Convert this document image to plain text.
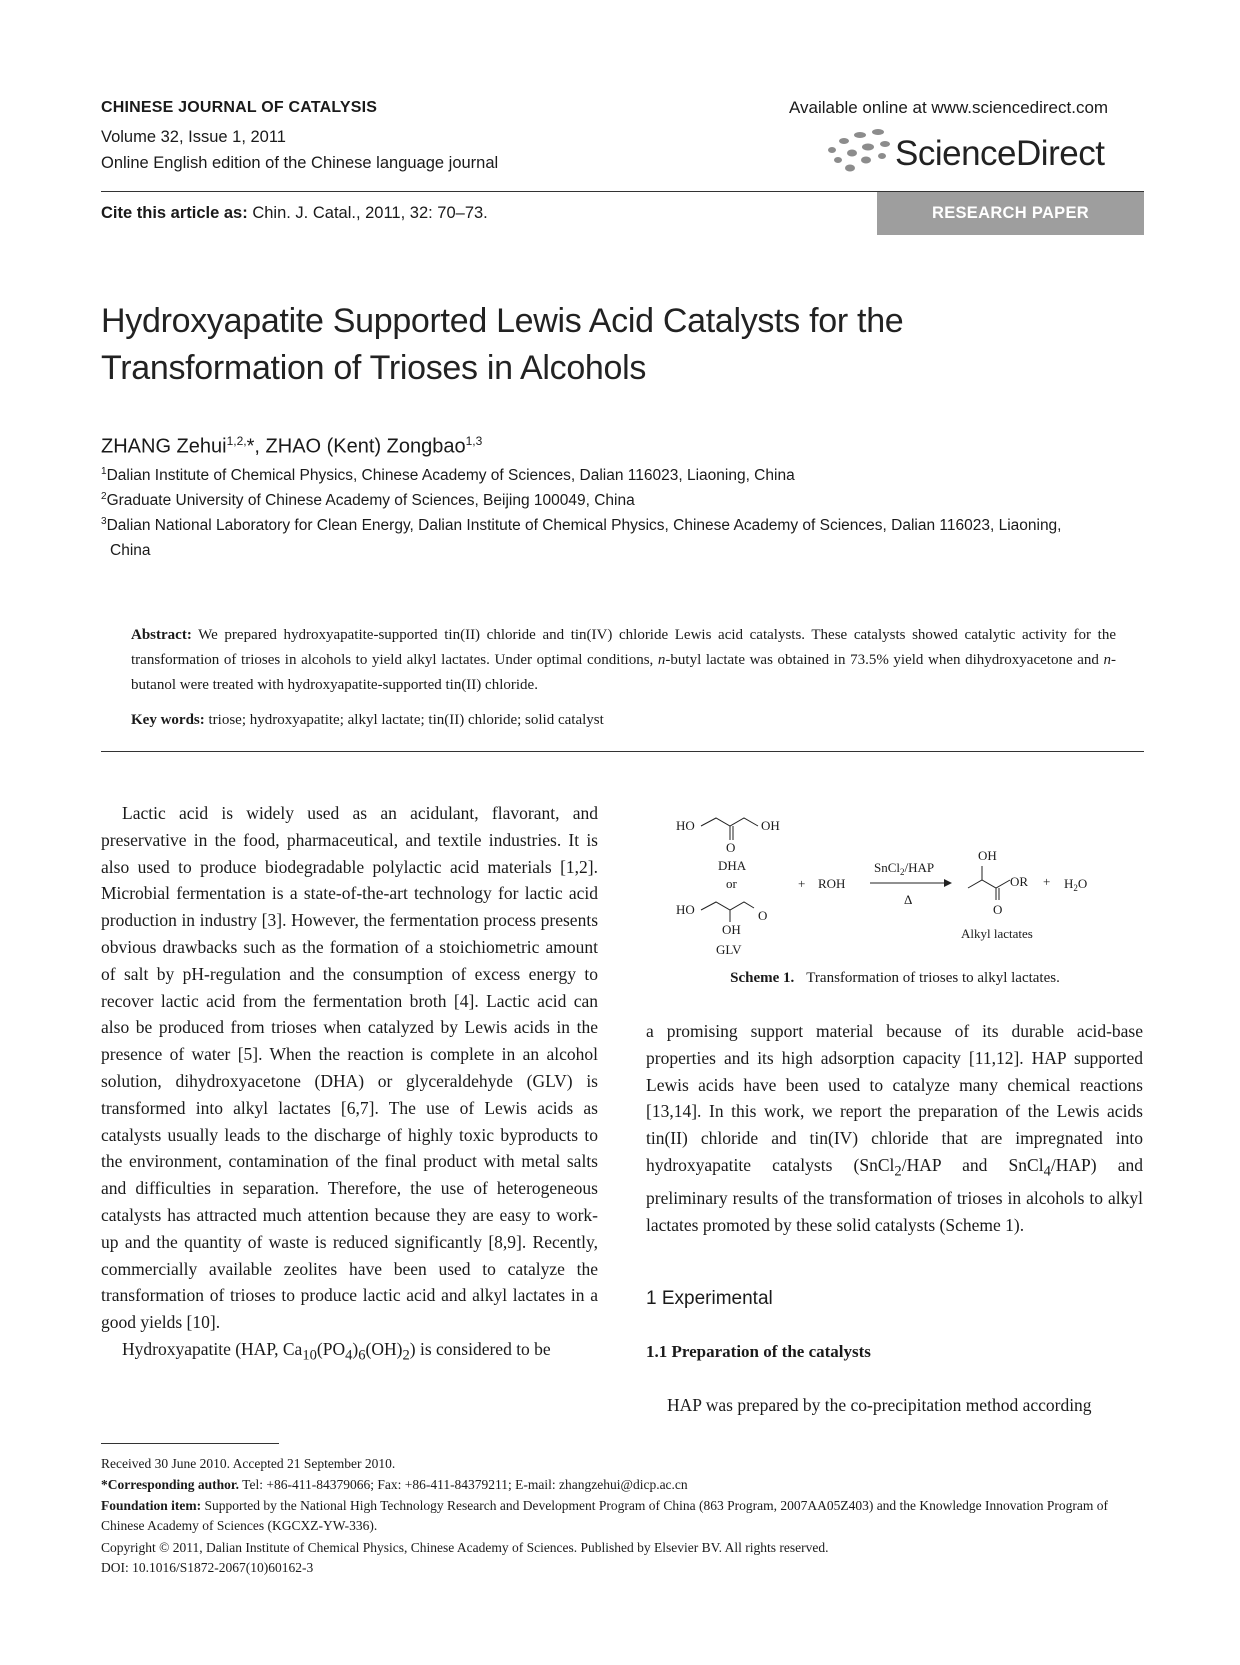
CHINESE JOURNAL OF CATALYSIS
Volume 32, Issue 1, 2011
Online English edition of the Chinese language journal
Available online at www.sciencedirect.com
ScienceDirect
Cite this article as: Chin. J. Catal., 2011, 32: 70–73.	RESEARCH PAPER
Hydroxyapatite Supported Lewis Acid Catalysts for the
Transformation of Trioses in Alcohols
ZHANG Zehui$^{1,2,}$*, ZHAO (Kent) Zongbao$^{1,3}$
$^1$Dalian Institute of Chemical Physics, Chinese Academy of Sciences, Dalian 116023, Liaoning, China
$^2$Graduate University of Chinese Academy of Sciences, Beijing 100049, China
$^3$Dalian National Laboratory for Clean Energy, Dalian Institute of Chemical Physics, Chinese Academy of Sciences, Dalian 116023, Liaoning,
China
Abstract: We prepared hydroxyapatite-supported tin(II) chloride and tin(IV) chloride Lewis acid catalysts. These catalysts showed catalytic activity for the transformation of trioses in alcohols to yield alkyl lactates. Under optimal conditions, n-butyl lactate was obtained in 73.5% yield when dihydroxyacetone and n-butanol were treated with hydroxyapatite-supported tin(II) chloride.
Key words: triose; hydroxyapatite; alkyl lactate; tin(II) chloride; solid catalyst

Lactic acid is widely used as an acidulant, flavorant, and preservative in the food, pharmaceutical, and textile industries. It is also used to produce biodegradable polylactic acid materials [1,2]. Microbial fermentation is a state-of-the-art technology for lactic acid production in industry [3]. However, the fermentation process presents obvious drawbacks such as the formation of a stoichiometric amount of salt by pH-regulation and the consumption of excess energy to recover lactic acid from the fermentation broth [4]. Lactic acid can also be produced from trioses when catalyzed by Lewis acids in the presence of water [5]. When the reaction is complete in an alcohol solution, dihydroxyacetone (DHA) or glyceraldehyde (GLV) is transformed into alkyl lactates [6,7]. The use of Lewis acids as catalysts usually leads to the discharge of highly toxic byproducts to the environment, contamination of the final product with metal salts and difficulties in separation. Therefore, the use of heterogeneous catalysts has attracted much attention because they are easy to work-up and the quantity of waste is reduced significantly [8,9]. Recently, commercially available zeolites have been used to catalyze the transformation of trioses to produce lactic acid and alkyl lactates in a good yields [10].

Hydroxyapatite (HAP, $Ca_{10}(PO_4)_6(OH)_2$) is considered to be

HO	OH
O
DHA
or
HO	O
OH
GLV
+ ROH
SnCl$_2$/HAP
Δ
OH
OR
O
+ $H_2O$
Alkyl lactates
Scheme 1. Transformation of trioses to alkyl lactates.
a promising support material because of its durable acid-base properties and its high adsorption capacity [11,12]. HAP supported Lewis acids have been used to catalyze many chemical reactions [13,14]. In this work, we report the preparation of the Lewis acids tin(II) chloride and tin(IV) chloride that are impregnated into hydroxyapatite catalysts (SnCl$_2$/HAP and SnCl$_4$/HAP) and preliminary results of the transformation of trioses in alcohols to alkyl lactates promoted by these solid catalysts (Scheme 1).
1 Experimental
1.1 Preparation of the catalysts

HAP was prepared by the co-precipitation method according

Received 30 June 2010. Accepted 21 September 2010.
*Corresponding author. Tel: +86-411-84379066; Fax: +86-411-84379211; E-mail: zhangzehui@dicp.ac.cn
Foundation item: Supported by the National High Technology Research and Development Program of China (863 Program, 2007AA05Z403) and the Knowledge Innovation Program of Chinese Academy of Sciences (KGCXZ-YW-336).
Copyright © 2011, Dalian Institute of Chemical Physics, Chinese Academy of Sciences. Published by Elsevier BV. All rights reserved.
DOI: 10.1016/S1872-2067(10)60162-3
